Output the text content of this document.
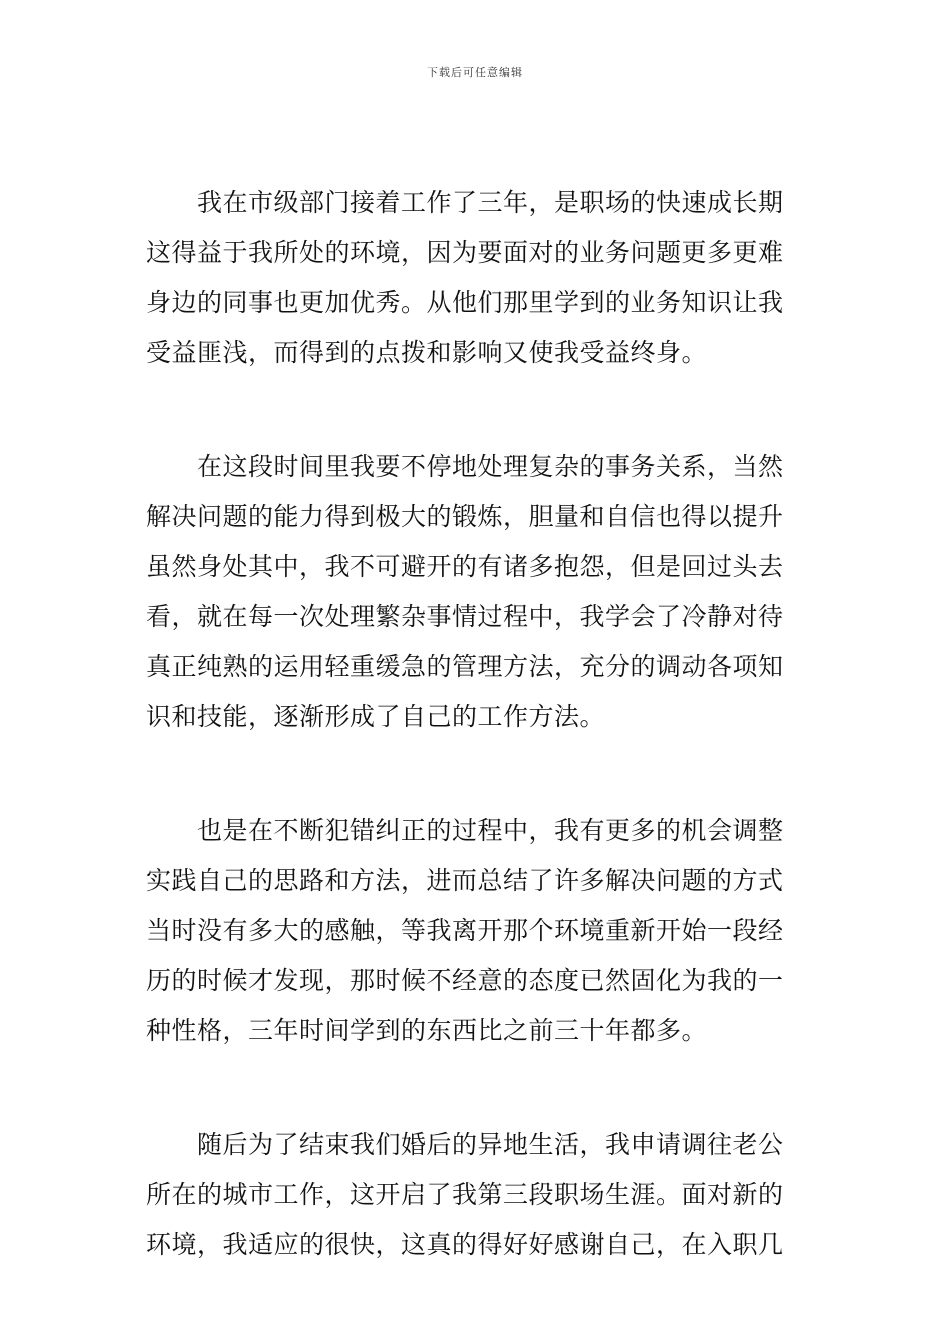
下载后可任意编辑
我在市级部门接着工作了三年，是职场的快速成长期
这得益于我所处的环境，因为要面对的业务问题更多更难
身边的同事也更加优秀。从他们那里学到的业务知识让我
受益匪浅，而得到的点拨和影响又使我受益终身。
在这段时间里我要不停地处理复杂的事务关系，当然
解决问题的能力得到极大的锻炼，胆量和自信也得以提升
虽然身处其中，我不可避开的有诸多抱怨，但是回过头去
看，就在每一次处理繁杂事情过程中，我学会了冷静对待
真正纯熟的运用轻重缓急的管理方法，充分的调动各项知
识和技能，逐渐形成了自己的工作方法。
也是在不断犯错纠正的过程中，我有更多的机会调整
实践自己的思路和方法，进而总结了许多解决问题的方式
当时没有多大的感触，等我离开那个环境重新开始一段经
历的时候才发现，那时候不经意的态度已然固化为我的一
种性格，三年时间学到的东西比之前三十年都多。
随后为了结束我们婚后的异地生活，我申请调往老公
所在的城市工作，这开启了我第三段职场生涯。面对新的
环境，我适应的很快，这真的得好好感谢自己，在入职几
